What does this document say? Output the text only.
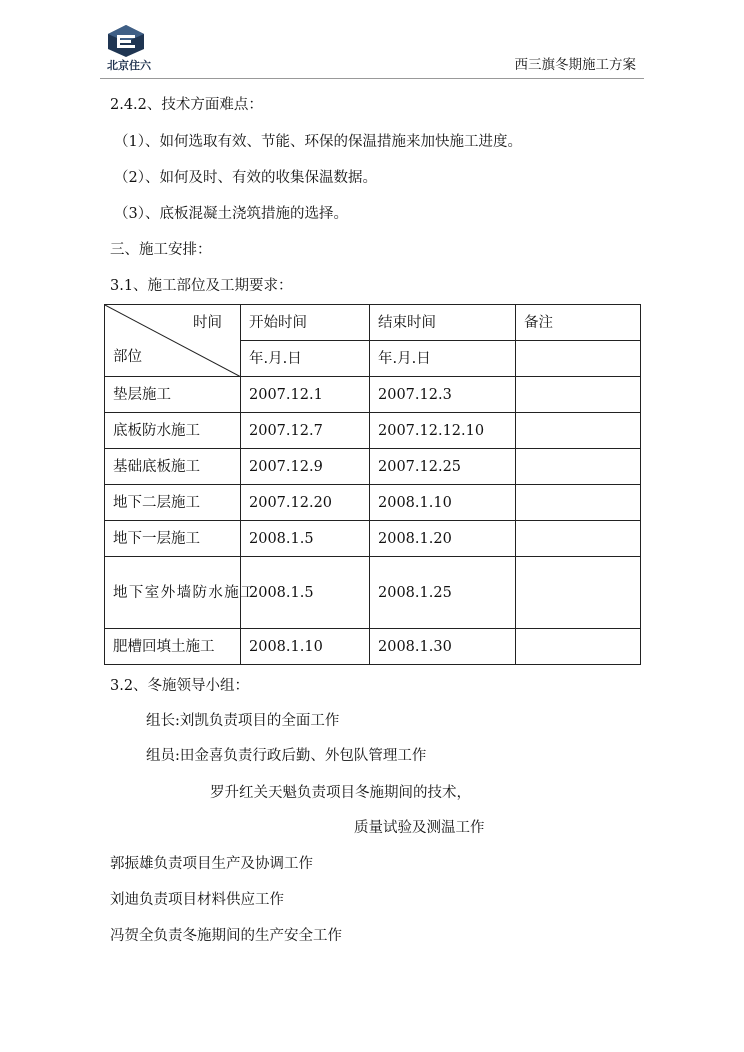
北京住六	西三旗冬期施工方案
2.4.2、技术方面难点：
（1）、如何选取有效、节能、环保的保温措施来加快施工进度。
（2）、如何及时、有效的收集保温数据。
（3）、底板混凝土浇筑措施的选择。
三、施工安排：
3.1、施工部位及工期要求：
时间
部位	开始时间	结束时间	备注
	年.月.日	年.月.日	
垫层施工	2007.12.1	2007.12.3	
底板防水施工	2007.12.7	2007.12.12.10	
基础底板施工	2007.12.9	2007.12.25	
地下二层施工	2007.12.20	2008.1.10	
地下一层施工	2008.1.5	2008.1.20	
地下室外墙防水施工	2008.1.5	2008.1.25	
肥槽回填土施工	2008.1.10	2008.1.30	
3.2、冬施领导小组：
组长:刘凯负责项目的全面工作
组员:田金喜负责行政后勤、外包队管理工作
罗升红关天魁负责项目冬施期间的技术，
质量试验及测温工作
郭振雄负责项目生产及协调工作
刘迪负责项目材料供应工作
冯贺全负责冬施期间的生产安全工作
